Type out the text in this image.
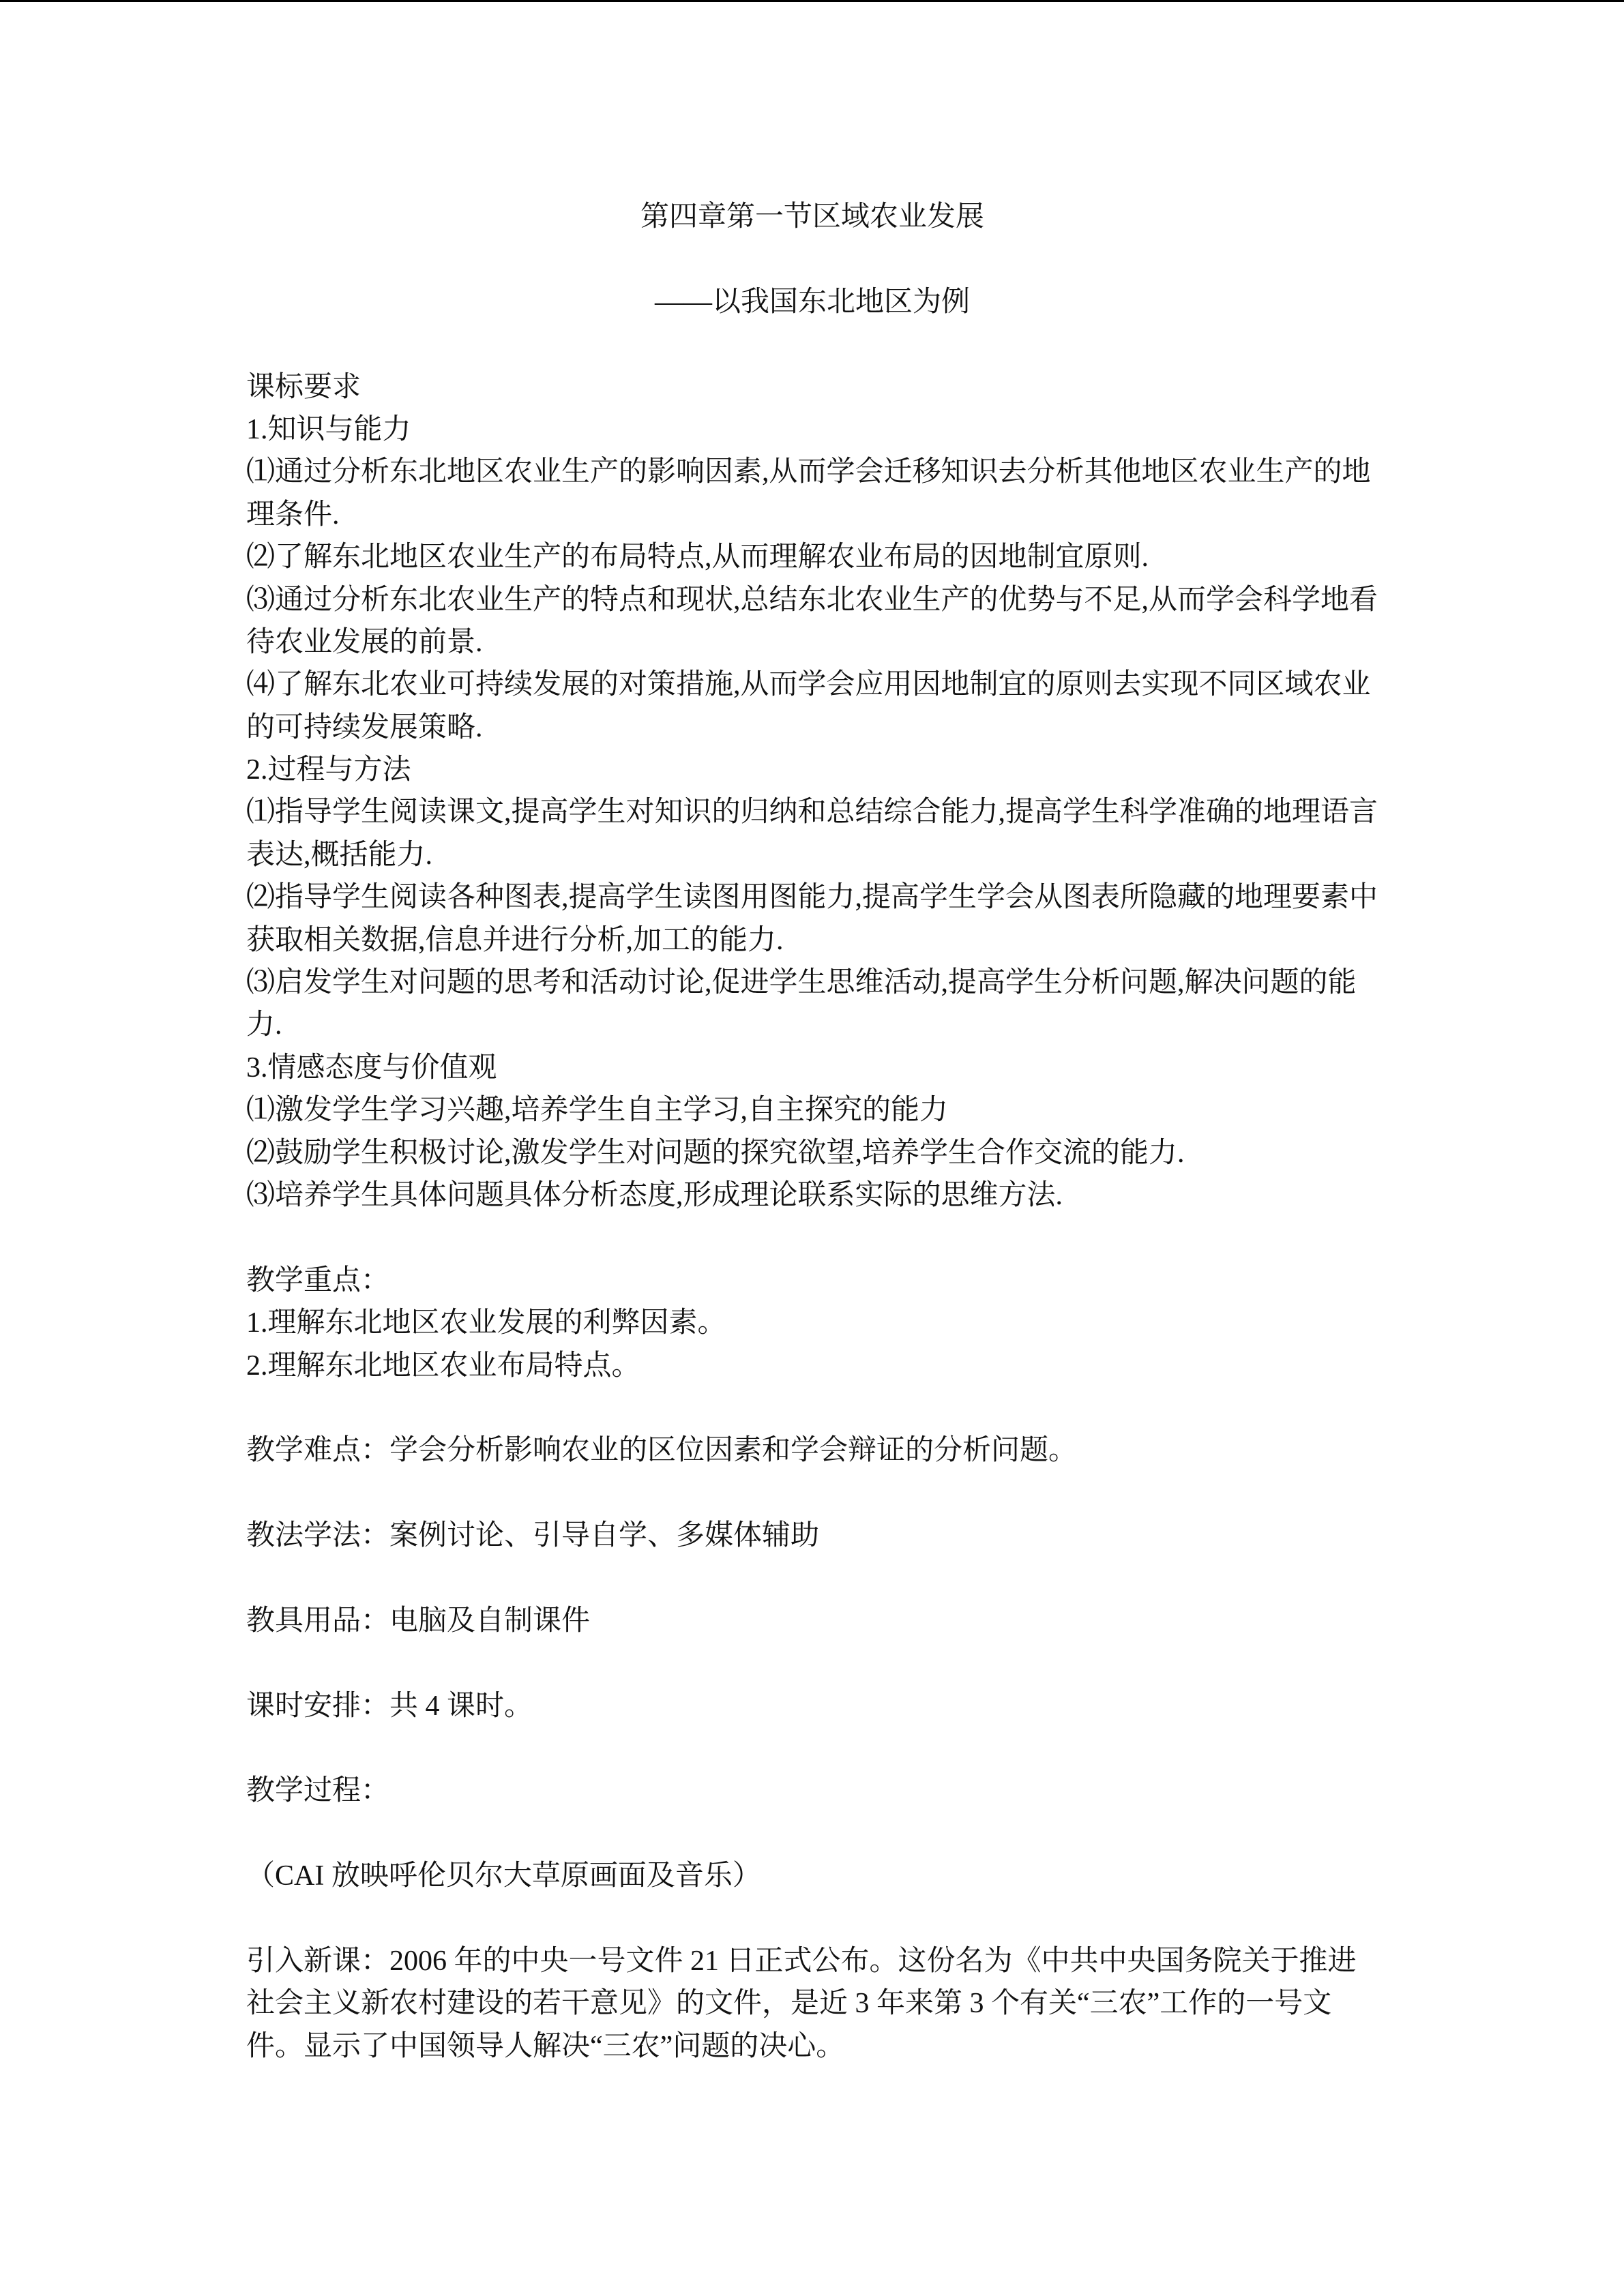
第四章第一节区域农业发展
——以我国东北地区为例
课标要求
1.知识与能力
⑴通过分析东北地区农业生产的影响因素,从而学会迁移知识去分析其他地区农业生产的地
理条件.
⑵了解东北地区农业生产的布局特点,从而理解农业布局的因地制宜原则.
⑶通过分析东北农业生产的特点和现状,总结东北农业生产的优势与不足,从而学会科学地看
待农业发展的前景.
⑷了解东北农业可持续发展的对策措施,从而学会应用因地制宜的原则去实现不同区域农业
的可持续发展策略.
2.过程与方法
⑴指导学生阅读课文,提高学生对知识的归纳和总结综合能力,提高学生科学准确的地理语言
表达,概括能力.
⑵指导学生阅读各种图表,提高学生读图用图能力,提高学生学会从图表所隐藏的地理要素中
获取相关数据,信息并进行分析,加工的能力.
⑶启发学生对问题的思考和活动讨论,促进学生思维活动,提高学生分析问题,解决问题的能
力.
3.情感态度与价值观
⑴激发学生学习兴趣,培养学生自主学习,自主探究的能力
⑵鼓励学生积极讨论,激发学生对问题的探究欲望,培养学生合作交流的能力.
⑶培养学生具体问题具体分析态度,形成理论联系实际的思维方法.
教学重点：
1.理解东北地区农业发展的利弊因素。
2.理解东北地区农业布局特点。
教学难点：学会分析影响农业的区位因素和学会辩证的分析问题。
教法学法：案例讨论、引导自学、多媒体辅助
教具用品：电脑及自制课件
课时安排：共 4 课时。
教学过程：
（CAI 放映呼伦贝尔大草原画面及音乐）
引入新课：2006 年的中央一号文件 21 日正式公布。这份名为《中共中央国务院关于推进
社会主义新农村建设的若干意见》的文件，是近 3 年来第 3 个有关“三农”工作的一号文
件。显示了中国领导人解决“三农”问题的决心。
